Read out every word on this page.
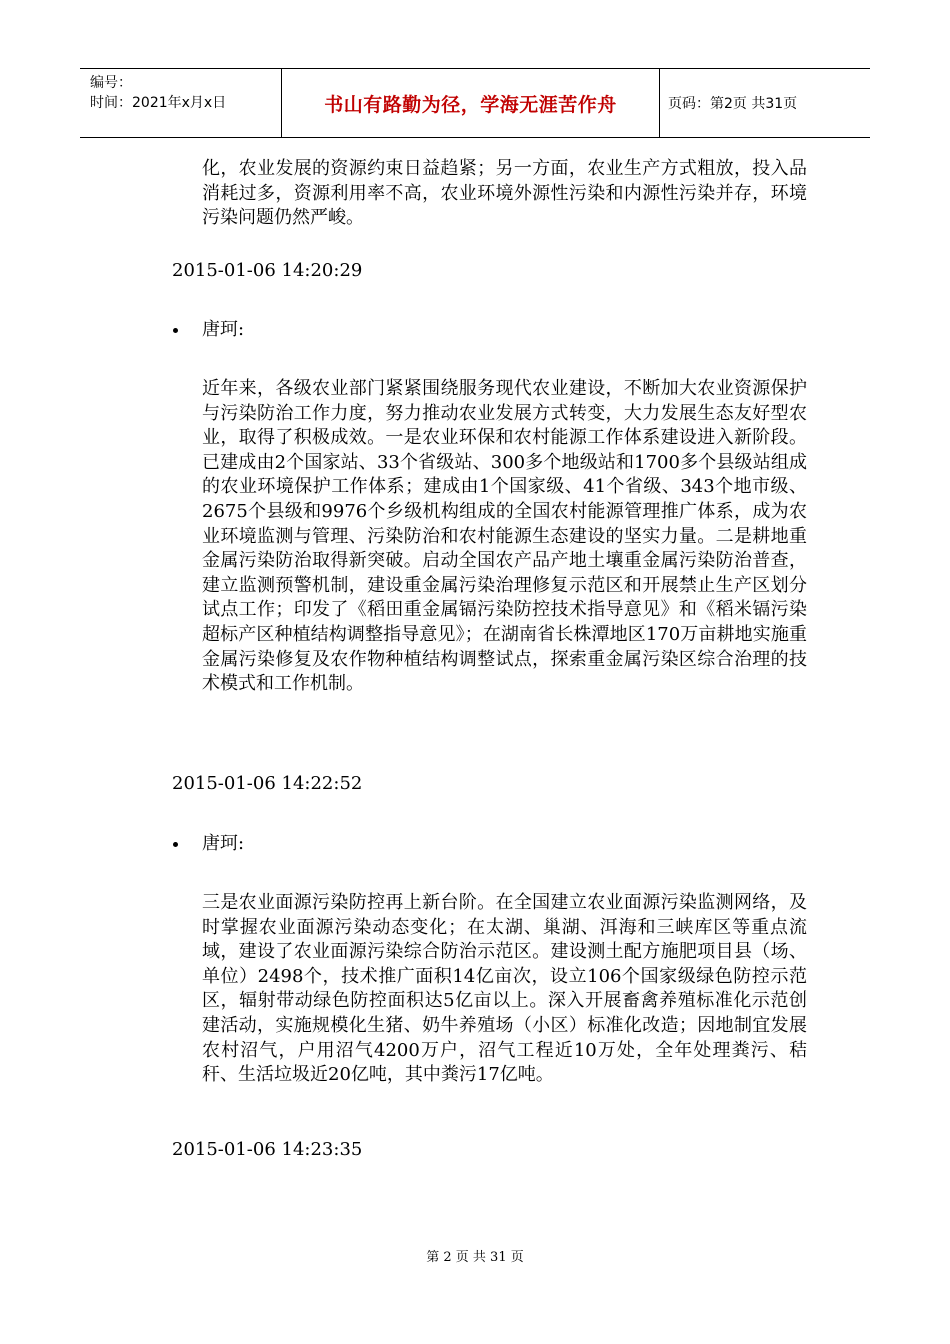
编号：
时间：2021年x月x日	书山有路勤为径，学海无涯苦作舟	页码：第2页 共31页
化，农业发展的资源约束日益趋紧；另一方面，农业生产方式粗放，投入品消耗过多，资源利用率不高，农业环境外源性污染和内源性污染并存，环境污染问题仍然严峻。
2015-01-06 14:20:29
唐珂:
近年来，各级农业部门紧紧围绕服务现代农业建设，不断加大农业资源保护与污染防治工作力度，努力推动农业发展方式转变，大力发展生态友好型农业，取得了积极成效。一是农业环保和农村能源工作体系建设进入新阶段。已建成由2个国家站、33个省级站、300多个地级站和1700多个县级站组成的农业环境保护工作体系；建成由1个国家级、41个省级、343个地市级、2675个县级和9976个乡级机构组成的全国农村能源管理推广体系，成为农业环境监测与管理、污染防治和农村能源生态建设的坚实力量。二是耕地重金属污染防治取得新突破。启动全国农产品产地土壤重金属污染防治普查，建立监测预警机制，建设重金属污染治理修复示范区和开展禁止生产区划分试点工作；印发了《稻田重金属镉污染防控技术指导意见》和《稻米镉污染超标产区种植结构调整指导意见》；在湖南省长株潭地区170万亩耕地实施重金属污染修复及农作物种植结构调整试点，探索重金属污染区综合治理的技术模式和工作机制。
2015-01-06 14:22:52
唐珂:
三是农业面源污染防控再上新台阶。在全国建立农业面源污染监测网络，及时掌握农业面源污染动态变化；在太湖、巢湖、洱海和三峡库区等重点流域，建设了农业面源污染综合防治示范区。建设测土配方施肥项目县（场、单位）2498个，技术推广面积14亿亩次，设立106个国家级绿色防控示范区，辐射带动绿色防控面积达5亿亩以上。深入开展畜禽养殖标准化示范创建活动，实施规模化生猪、奶牛养殖场（小区）标准化改造；因地制宜发展农村沼气，户用沼气4200万户，沼气工程近10万处，全年处理粪污、秸秆、生活垃圾近20亿吨，其中粪污17亿吨。
2015-01-06 14:23:35
第 2 页 共 31 页
